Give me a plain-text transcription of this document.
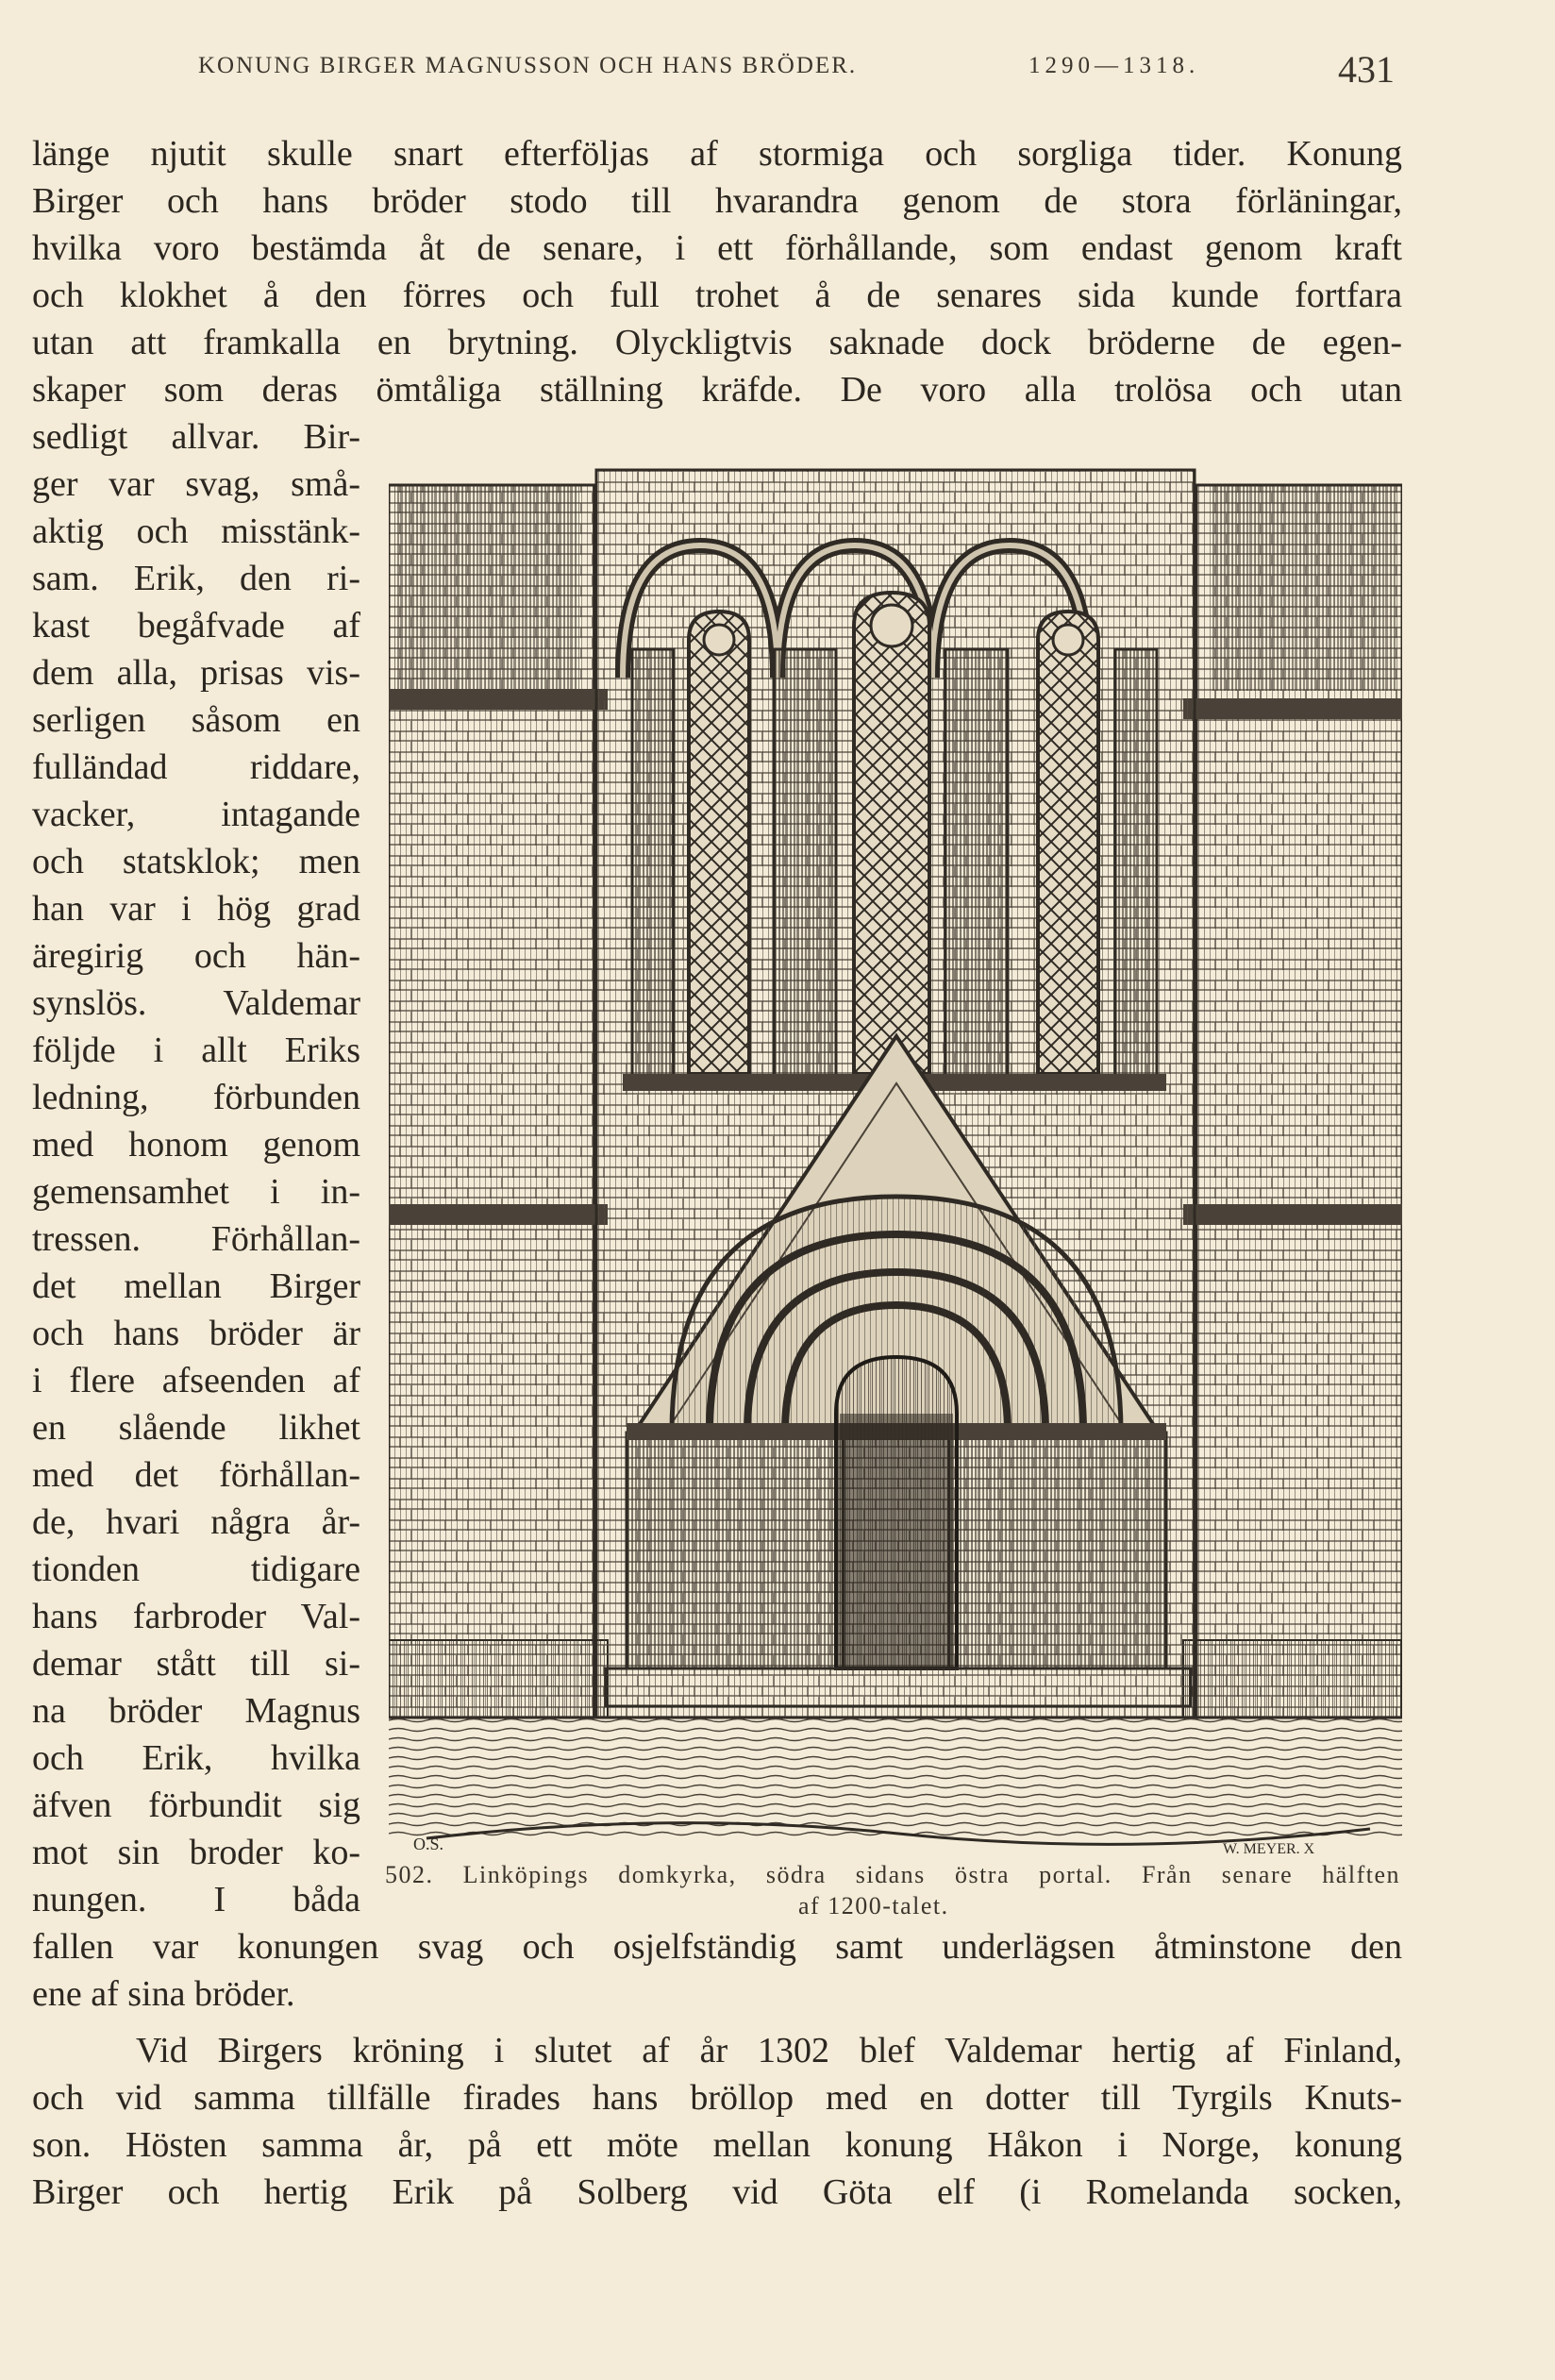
KONUNG BIRGER MAGNUSSON OCH HANS BRÖDER.	1290—1318.	431
länge njutit skulle snart efterföljas af stormiga och sorgliga tider. Konung
Birger och hans bröder stodo till hvarandra genom de stora förläningar,
hvilka voro bestämda åt de senare, i ett förhållande, som endast genom kraft
och klokhet å den förres och full trohet å de senares sida kunde fortfara
utan att framkalla en brytning. Olyckligtvis saknade dock bröderne de egen-
skaper som deras ömtåliga ställning kräfde. De voro alla trolösa och utan
sedligt allvar. Bir-
ger var svag, små-
aktig och misstänk-
sam. Erik, den ri-
kast begåfvade af
dem alla, prisas vis-
serligen såsom en
fulländad riddare,
vacker, intagande
och statsklok; men
han var i hög grad
äregirig och hän-
synslös. Valdemar
följde i allt Eriks
ledning, förbunden
med honom genom
gemensamhet i in-
tressen. Förhållan-
det mellan Birger
och hans bröder är
i flere afseenden af
en slående likhet
med det förhållan-
de, hvari några år-
tionden tidigare
hans farbroder Val-
demar stått till si-
na bröder Magnus
och Erik, hvilka
äfven förbundit sig
mot sin broder ko-
nungen. I båda
fallen var konungen svag och osjelfständig samt underlägsen åtminstone den
ene af sina bröder.
Vid Birgers kröning i slutet af år 1302 blef Valdemar hertig af Finland,
och vid samma tillfälle firades hans bröllop med en dotter till Tyrgils Knuts-
son. Hösten samma år, på ett möte mellan konung Håkon i Norge, konung
Birger och hertig Erik på Solberg vid Göta elf (i Romelanda socken,
O.S.	W. MEYER. X
502. Linköpings domkyrka, södra sidans östra portal. Från senare hälften
af 1200-talet.
